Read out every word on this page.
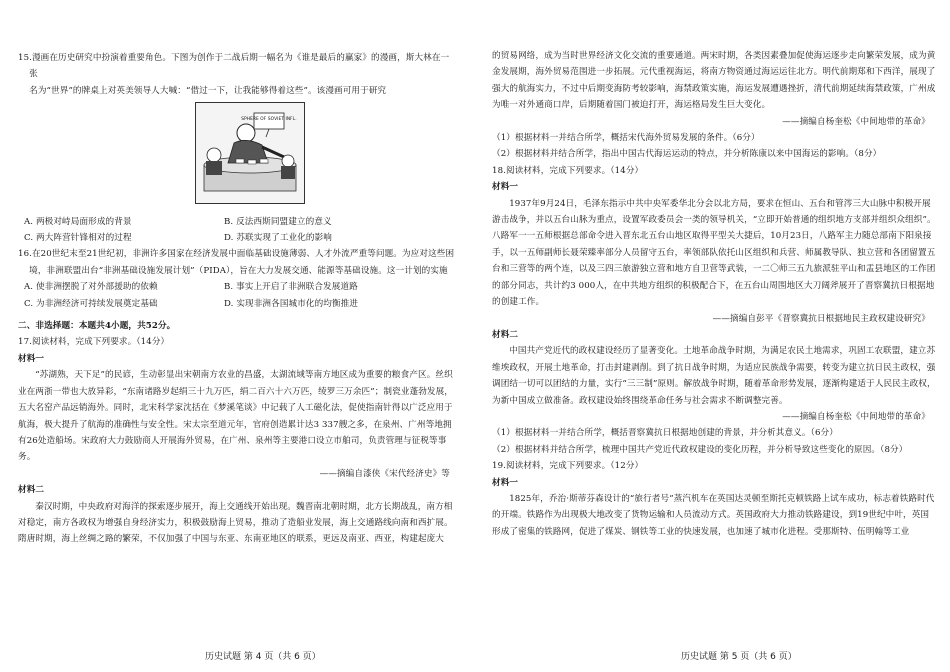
15.漫画在历史研究中扮演着重要角色。下图为创作于二战后期一幅名为《谁是最后的赢家》的漫画，斯大林在一张
名为“世界”的牌桌上对英美领导人大喊：“借过一下，让我能够得着这些”。该漫画可用于研究

SPHERE OF SOVIET INFL.
A. 两极对峙局面形成的背景	B. 反法西斯同盟建立的意义
C. 两大阵营针锋相对的过程	D. 苏联实现了工业化的影响

16.在20世纪末至21世纪初，非洲许多国家在经济发展中面临基础设施薄弱、人才外流严重等问题。为应对这些困
境，非洲联盟出台“非洲基础设施发展计划”（PIDA），旨在大力发展交通、能源等基础设施。这一计划的实施

A. 使非洲摆脱了对外部援助的依赖	B. 事实上开启了非洲联合发展道路
C. 为非洲经济可持续发展奠定基础	D. 实现非洲各国城市化的均衡推进

二、非选择题：本题共4小题，共52分。

17.阅读材料，完成下列要求。（14分）

材料一

“苏湖熟，天下足”的民谚，生动彰显出宋朝南方农业的昌盛，太湖流域等南方地区成为重要的粮食产区。丝织业在两浙一带也大放异彩，“东南诸路岁起绢三十九万匹，绢二百六十六万匹，绫罗三万余匹”；制瓷业蓬勃发展，五大名窑产品远销海外。同时，北宋科学家沈括在《梦溪笔谈》中记载了人工磁化法，促使指南针得以广泛应用于航海，极大提升了航海的准确性与安全性。宋太宗至道元年，官府创造累计达3 337艘之多，在泉州、广州等地拥有26处造船场。宋政府大力鼓励商人开展海外贸易，在广州、泉州等主要港口设立市舶司，负责管理与征税等事务。

——摘编自漆侠《宋代经济史》等

材料二

秦汉时期，中央政府对海洋的探索逐步展开，海上交通线开始出现。魏晋南北朝时期，北方长期战乱，南方相对稳定，南方各政权为增强自身经济实力，积极鼓励海上贸易，推动了造船业发展，海上交通路线向南和西扩展。隋唐时期，海上丝绸之路的繁荣，不仅加强了中国与东亚、东南亚地区的联系，更远及南亚、西亚，构建起庞大

的贸易网络，成为当时世界经济文化交流的重要通道。两宋时期，各类因素叠加促使海运逐步走向繁荣发展，成为黄金发展期，海外贸易范围进一步拓展。元代重视海运，将南方物资通过海运运往北方。明代前期郑和下西洋，展现了强大的航海实力，不过中后期变海防考较影响，海禁政策实施，海运发展遭遇挫折，清代前期延续海禁政策，广州成为唯一对外通商口岸，后期随着国门被迫打开，海运格局发生巨大变化。

——摘编自杨奎松《中间地带的革命》

（1）根据材料一并结合所学，概括宋代海外贸易发展的条件。（6分）

（2）根据材料并结合所学，指出中国古代海运运动的特点，并分析陈康以来中国海运的影响。（8分）

18.阅读材料，完成下列要求。（14分）

材料一

1937年9月24日，毛泽东指示中共中央军委华北分会以北方局，要求在恒山、五台和管涔三大山脉中积极开展游击战争，并以五台山脉为重点，设置军政委员会一类的领导机关，“立即开始普通的组织地方支部并组织众组织”。八路军一一五师根据总部命令进入晋东北五台山地区取得平型关大捷后，10月23日，八路军主力随总部南下阳泉接手，以一五师副师长聂荣臻率部分人员留守五台，率领部队依托山区组织和兵营、师属教导队、独立营和各团留置五台和三营等的两个连，以及三四三旅游独立营和地方自卫营等武装，一二〇师三五九旅派驻平山和盂县地区的工作团的部分同志，共计约3 000人，在中共地方组织的积极配合下，在五台山周围地区大刀阔斧展开了晋察冀抗日根据地的创建工作。

——摘编自彭平《晋察冀抗日根据地民主政权建设研究》

材料二

中国共产党近代的政权建设经历了显著变化。土地革命战争时期，为满足农民土地需求，巩固工农联盟，建立苏维埃政权，开展土地革命，打击封建剥削。到了抗日战争时期，为适应民族战争需要，转变为建立抗日民主政权，强调团结一切可以团结的力量，实行“三三制”原则。解放战争时期，随着革命形势发展，逐渐构建适于人民民主政权，为新中国成立做准备。政权建设始终围绕革命任务与社会需求不断调整完善。

——摘编自杨奎松《中间地带的革命》

（1）根据材料一并结合所学，概括晋察冀抗日根据地创建的背景，并分析其意义。（6分）

（2）根据材料并结合所学，梳理中国共产党近代政权建设的变化历程，并分析导致这些变化的原因。（8分）

19.阅读材料，完成下列要求。（12分）

材料一

1825年，乔治·斯蒂芬森设计的“旅行者号”蒸汽机车在英国达灵顿至斯托克顿铁路上试车成功，标志着铁路时代的开端。铁路作为出现极大地改变了货物运输和人员流动方式。英国政府大力推动铁路建设，到19世纪中叶，英国形成了密集的铁路网，促进了煤炭、钢铁等工业的快速发展，也加速了城市化进程。受那斯特、伍明翰等工业

历史试题 第 4 页（共 6 页）	历史试题 第 5 页（共 6 页）
